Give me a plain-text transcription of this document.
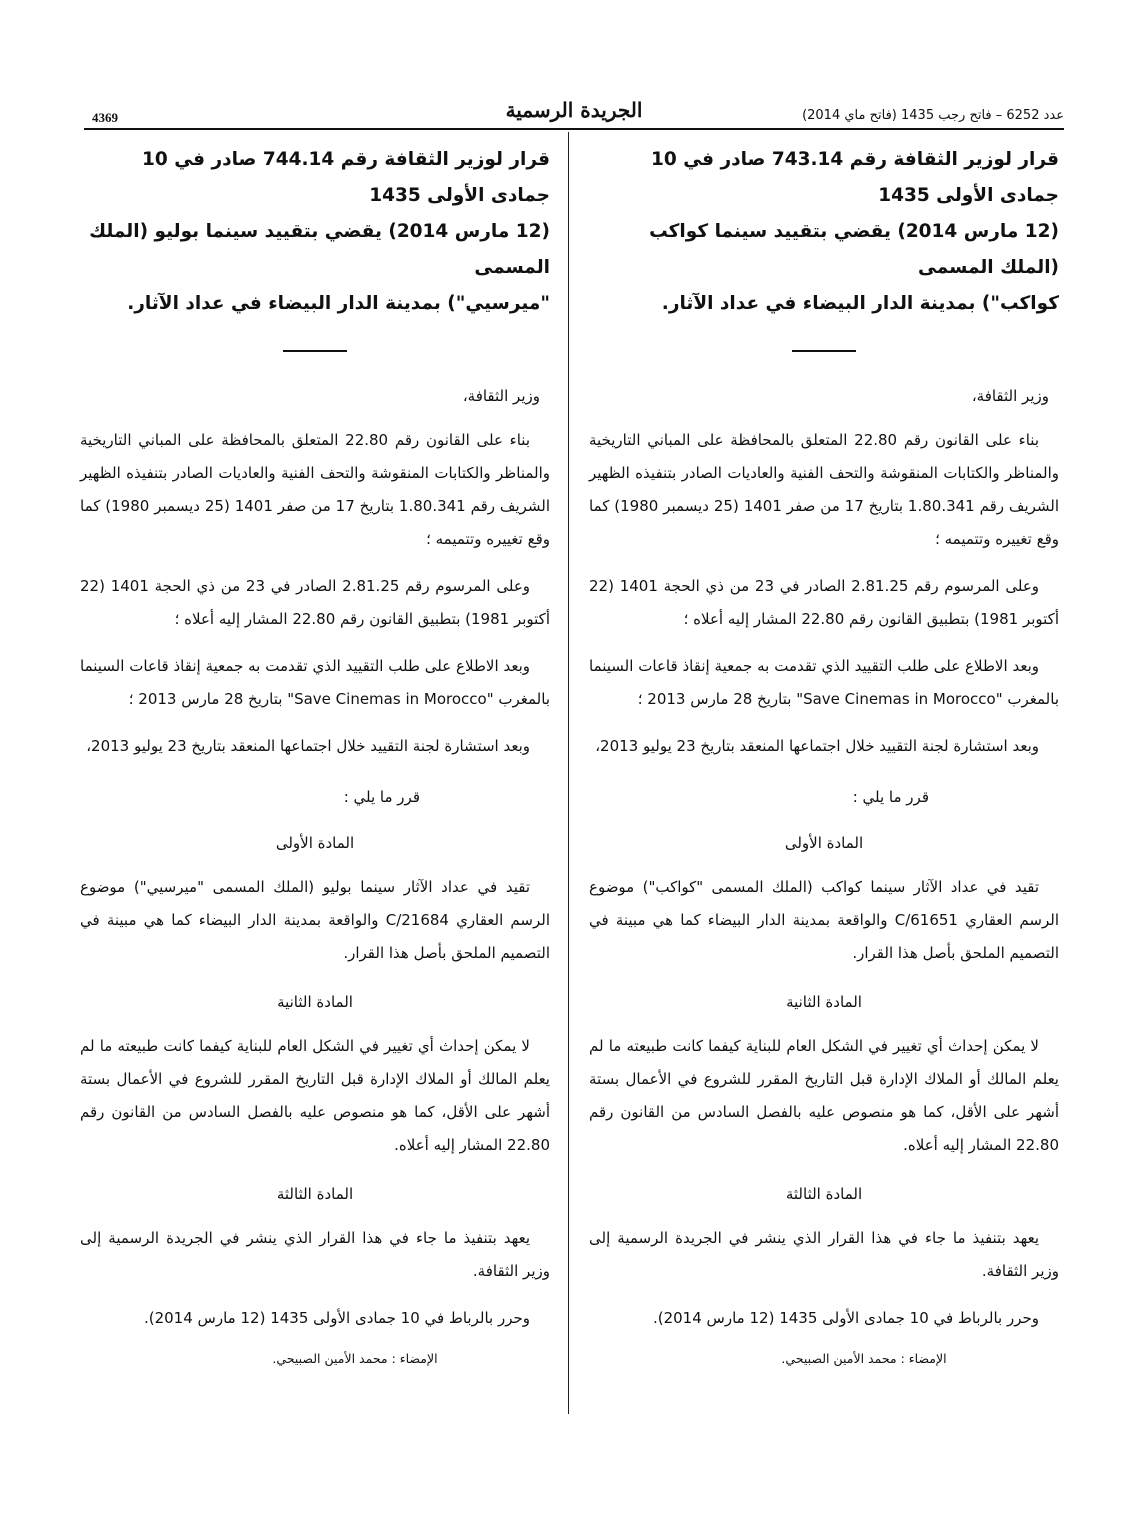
4369	الجريدة الرسمية	عدد 6252 – فاتح رجب 1435 (فاتح ماي 2014)

قرار لوزير الثقافة رقم 743.14 صادر في 10 جمادى الأولى 1435
(12 مارس 2014) يقضي بتقييد سينما كواكب (الملك المسمى
كواكب") بمدينة الدار البيضاء في عداد الآثار.

وزير الثقافة،

بناء على القانون رقم 22.80 المتعلق بالمحافظة على المباني التاريخية والمناظر والكتابات المنقوشة والتحف الفنية والعاديات الصادر بتنفيذه الظهير الشريف رقم 1.80.341 بتاريخ 17 من صفر 1401 (25 ديسمبر 1980) كما وقع تغييره وتتميمه ؛

وعلى المرسوم رقم 2.81.25 الصادر في 23 من ذي الحجة 1401 (22 أكتوبر 1981) بتطبيق القانون رقم 22.80 المشار إليه أعلاه ؛

وبعد الاطلاع على طلب التقييد الذي تقدمت به جمعية إنقاذ قاعات السينما بالمغرب "Save Cinemas in Morocco" بتاريخ 28 مارس 2013 ؛

وبعد استشارة لجنة التقييد خلال اجتماعها المنعقد بتاريخ 23 يوليو 2013،

قرر ما يلي :

المادة الأولى

تقيد في عداد الآثار سينما كواكب (الملك المسمى "كواكب") موضوع الرسم العقاري C/61651 والواقعة بمدينة الدار البيضاء كما هي مبينة في التصميم الملحق بأصل هذا القرار.

المادة الثانية

لا يمكن إحداث أي تغيير في الشكل العام للبناية كيفما كانت طبيعته ما لم يعلم المالك أو الملاك الإدارة قبل التاريخ المقرر للشروع في الأعمال بستة أشهر على الأقل، كما هو منصوص عليه بالفصل السادس من القانون رقم 22.80 المشار إليه أعلاه.

المادة الثالثة

يعهد بتنفيذ ما جاء في هذا القرار الذي ينشر في الجريدة الرسمية إلى وزير الثقافة.

وحرر بالرباط في 10 جمادى الأولى 1435 (12 مارس 2014).

الإمضاء : محمد الأمين الصبيحي.

قرار لوزير الثقافة رقم 744.14 صادر في 10 جمادى الأولى 1435
(12 مارس 2014) يقضي بتقييد سينما بوليو (الملك المسمى
"ميرسيي") بمدينة الدار البيضاء في عداد الآثار.

وزير الثقافة،

بناء على القانون رقم 22.80 المتعلق بالمحافظة على المباني التاريخية والمناظر والكتابات المنقوشة والتحف الفنية والعاديات الصادر بتنفيذه الظهير الشريف رقم 1.80.341 بتاريخ 17 من صفر 1401 (25 ديسمبر 1980) كما وقع تغييره وتتميمه ؛

وعلى المرسوم رقم 2.81.25 الصادر في 23 من ذي الحجة 1401 (22 أكتوبر 1981) بتطبيق القانون رقم 22.80 المشار إليه أعلاه ؛

وبعد الاطلاع على طلب التقييد الذي تقدمت به جمعية إنقاذ قاعات السينما بالمغرب "Save Cinemas in Morocco" بتاريخ 28 مارس 2013 ؛

وبعد استشارة لجنة التقييد خلال اجتماعها المنعقد بتاريخ 23 يوليو 2013،

قرر ما يلي :

المادة الأولى

تقيد في عداد الآثار سينما بوليو (الملك المسمى "ميرسيي") موضوع الرسم العقاري C/21684 والواقعة بمدينة الدار البيضاء كما هي مبينة في التصميم الملحق بأصل هذا القرار.

المادة الثانية

لا يمكن إحداث أي تغيير في الشكل العام للبناية كيفما كانت طبيعته ما لم يعلم المالك أو الملاك الإدارة قبل التاريخ المقرر للشروع في الأعمال بستة أشهر على الأقل، كما هو منصوص عليه بالفصل السادس من القانون رقم 22.80 المشار إليه أعلاه.

المادة الثالثة

يعهد بتنفيذ ما جاء في هذا القرار الذي ينشر في الجريدة الرسمية إلى وزير الثقافة.

وحرر بالرباط في 10 جمادى الأولى 1435 (12 مارس 2014).

الإمضاء : محمد الأمين الصبيحي.
